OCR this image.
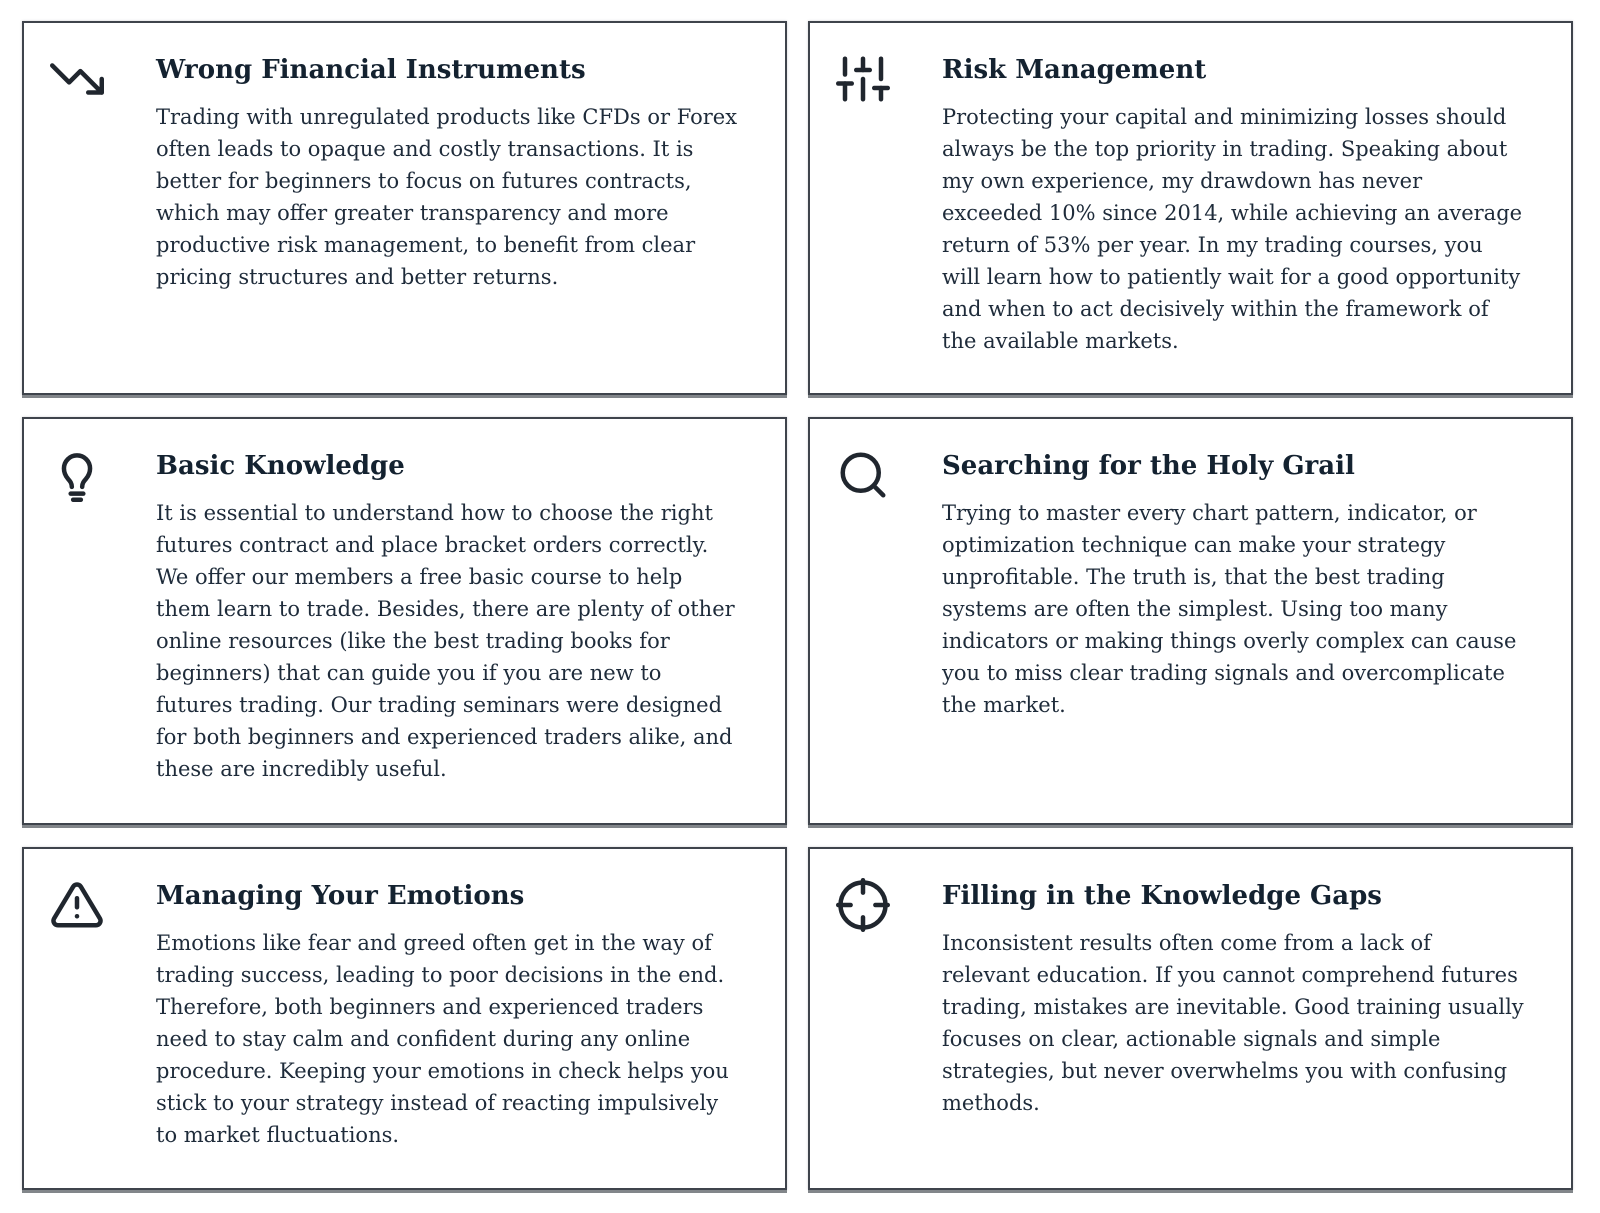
Wrong Financial Instruments

Trading with unregulated products like CFDs or Forex often leads to opaque and costly transactions. It is better for beginners to focus on futures contracts, which may offer greater transparency and more productive risk management, to benefit from clear pricing structures and better returns.

Risk Management

Protecting your capital and minimizing losses should always be the top priority in trading. Speaking about my own experience, my drawdown has never exceeded 10% since 2014, while achieving an average return of 53% per year. In my trading courses, you will learn how to patiently wait for a good opportunity and when to act decisively within the framework of the available markets.

Basic Knowledge

It is essential to understand how to choose the right futures contract and place bracket orders correctly. We offer our members a free basic course to help them learn to trade. Besides, there are plenty of other online resources (like the best trading books for beginners) that can guide you if you are new to futures trading. Our trading seminars were designed for both beginners and experienced traders alike, and these are incredibly useful.

Searching for the Holy Grail

Trying to master every chart pattern, indicator, or optimization technique can make your strategy unprofitable. The truth is, that the best trading systems are often the simplest. Using too many indicators or making things overly complex can cause you to miss clear trading signals and overcomplicate the market.

Managing Your Emotions

Emotions like fear and greed often get in the way of trading success, leading to poor decisions in the end. Therefore, both beginners and experienced traders need to stay calm and confident during any online procedure. Keeping your emotions in check helps you stick to your strategy instead of reacting impulsively to market fluctuations.

Filling in the Knowledge Gaps

Inconsistent results often come from a lack of relevant education. If you cannot comprehend futures trading, mistakes are inevitable. Good training usually focuses on clear, actionable signals and simple strategies, but never overwhelms you with confusing methods.
